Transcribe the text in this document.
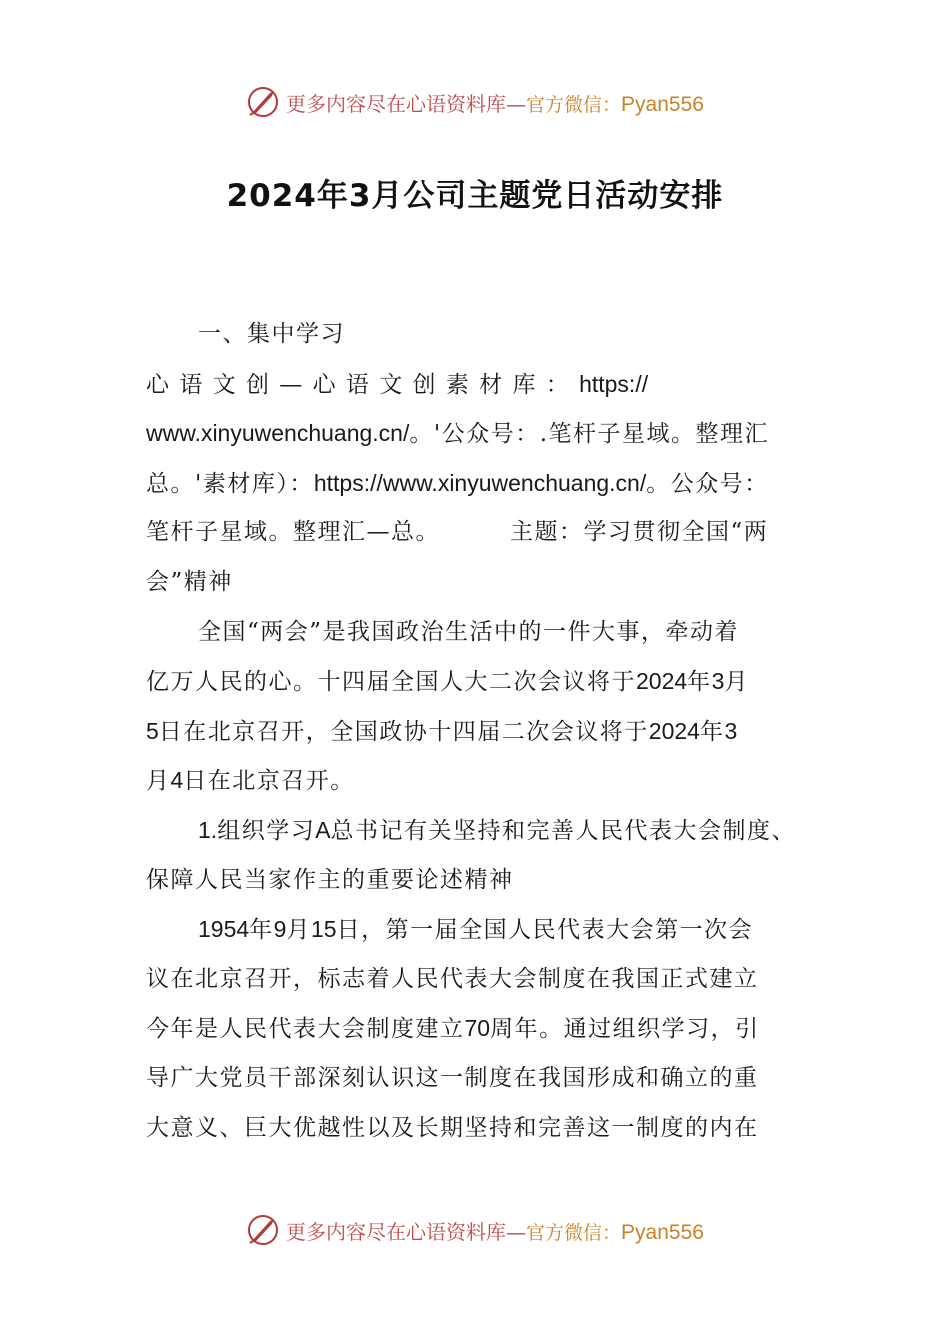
更多内容尽在心语资料库—官方微信：Pyan556
2024年3月公司主题党日活动安排
一、集中学习
心 语 文 创 — 心 语 文 创 素 材 库 ： https://
www.xinyuwenchuang.cn/。'公众号：.笔杆子星域。整理汇
总。'素材库）：https://www.xinyuwenchuang.cn/。公众号：
笔杆子星域。整理汇—总。	主题：学习贯彻全国“两
会”精神
全国“两会”是我国政治生活中的一件大事，牵动着
亿万人民的心。十四届全国人大二次会议将于2024年3月
5日在北京召开，全国政协十四届二次会议将于2024年3
月4日在北京召开。
1.组织学习A总书记有关坚持和完善人民代表大会制度、
保障人民当家作主的重要论述精神
1954年9月15日，第一届全国人民代表大会第一次会
议在北京召开，标志着人民代表大会制度在我国正式建立
今年是人民代表大会制度建立70周年。通过组织学习，引
导广大党员干部深刻认识这一制度在我国形成和确立的重
大意义、巨大优越性以及长期坚持和完善这一制度的内在
更多内容尽在心语资料库—官方微信：Pyan556
